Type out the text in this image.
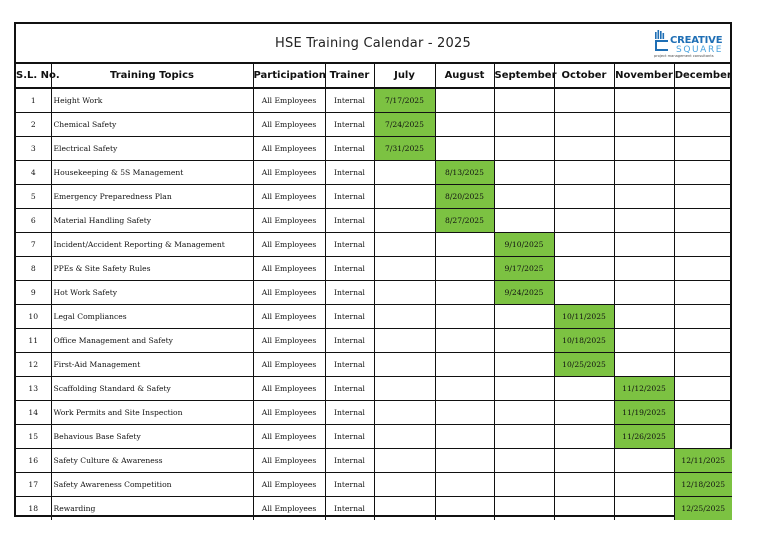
HSE Training Calendar - 2025	CREATIVE
SQUARE
project management consultants
S.L. No.	Training Topics	Participation	Trainer	July	August	September	October	November	December
1	Height Work	All Employees	Internal	7/17/2025					
2	Chemical Safety	All Employees	Internal	7/24/2025					
3	Electrical Safety	All Employees	Internal	7/31/2025					
4	Housekeeping & 5S Management	All Employees	Internal		8/13/2025				
5	Emergency Preparedness Plan	All Employees	Internal		8/20/2025				
6	Material Handling Safety	All Employees	Internal		8/27/2025				
7	Incident/Accident Reporting & Management	All Employees	Internal			9/10/2025			
8	PPEs & Site Safety Rules	All Employees	Internal			9/17/2025			
9	Hot Work Safety	All Employees	Internal			9/24/2025			
10	Legal Compliances	All Employees	Internal				10/11/2025		
11	Office Management and Safety	All Employees	Internal				10/18/2025		
12	First-Aid Management	All Employees	Internal				10/25/2025		
13	Scaffolding Standard & Safety	All Employees	Internal					11/12/2025	
14	Work Permits and Site Inspection	All Employees	Internal					11/19/2025	
15	Behavious Base Safety	All Employees	Internal					11/26/2025	
16	Safety Culture & Awareness	All Employees	Internal						12/11/2025
17	Safety Awareness Competition	All Employees	Internal						12/18/2025
18	Rewarding	All Employees	Internal						12/25/2025
